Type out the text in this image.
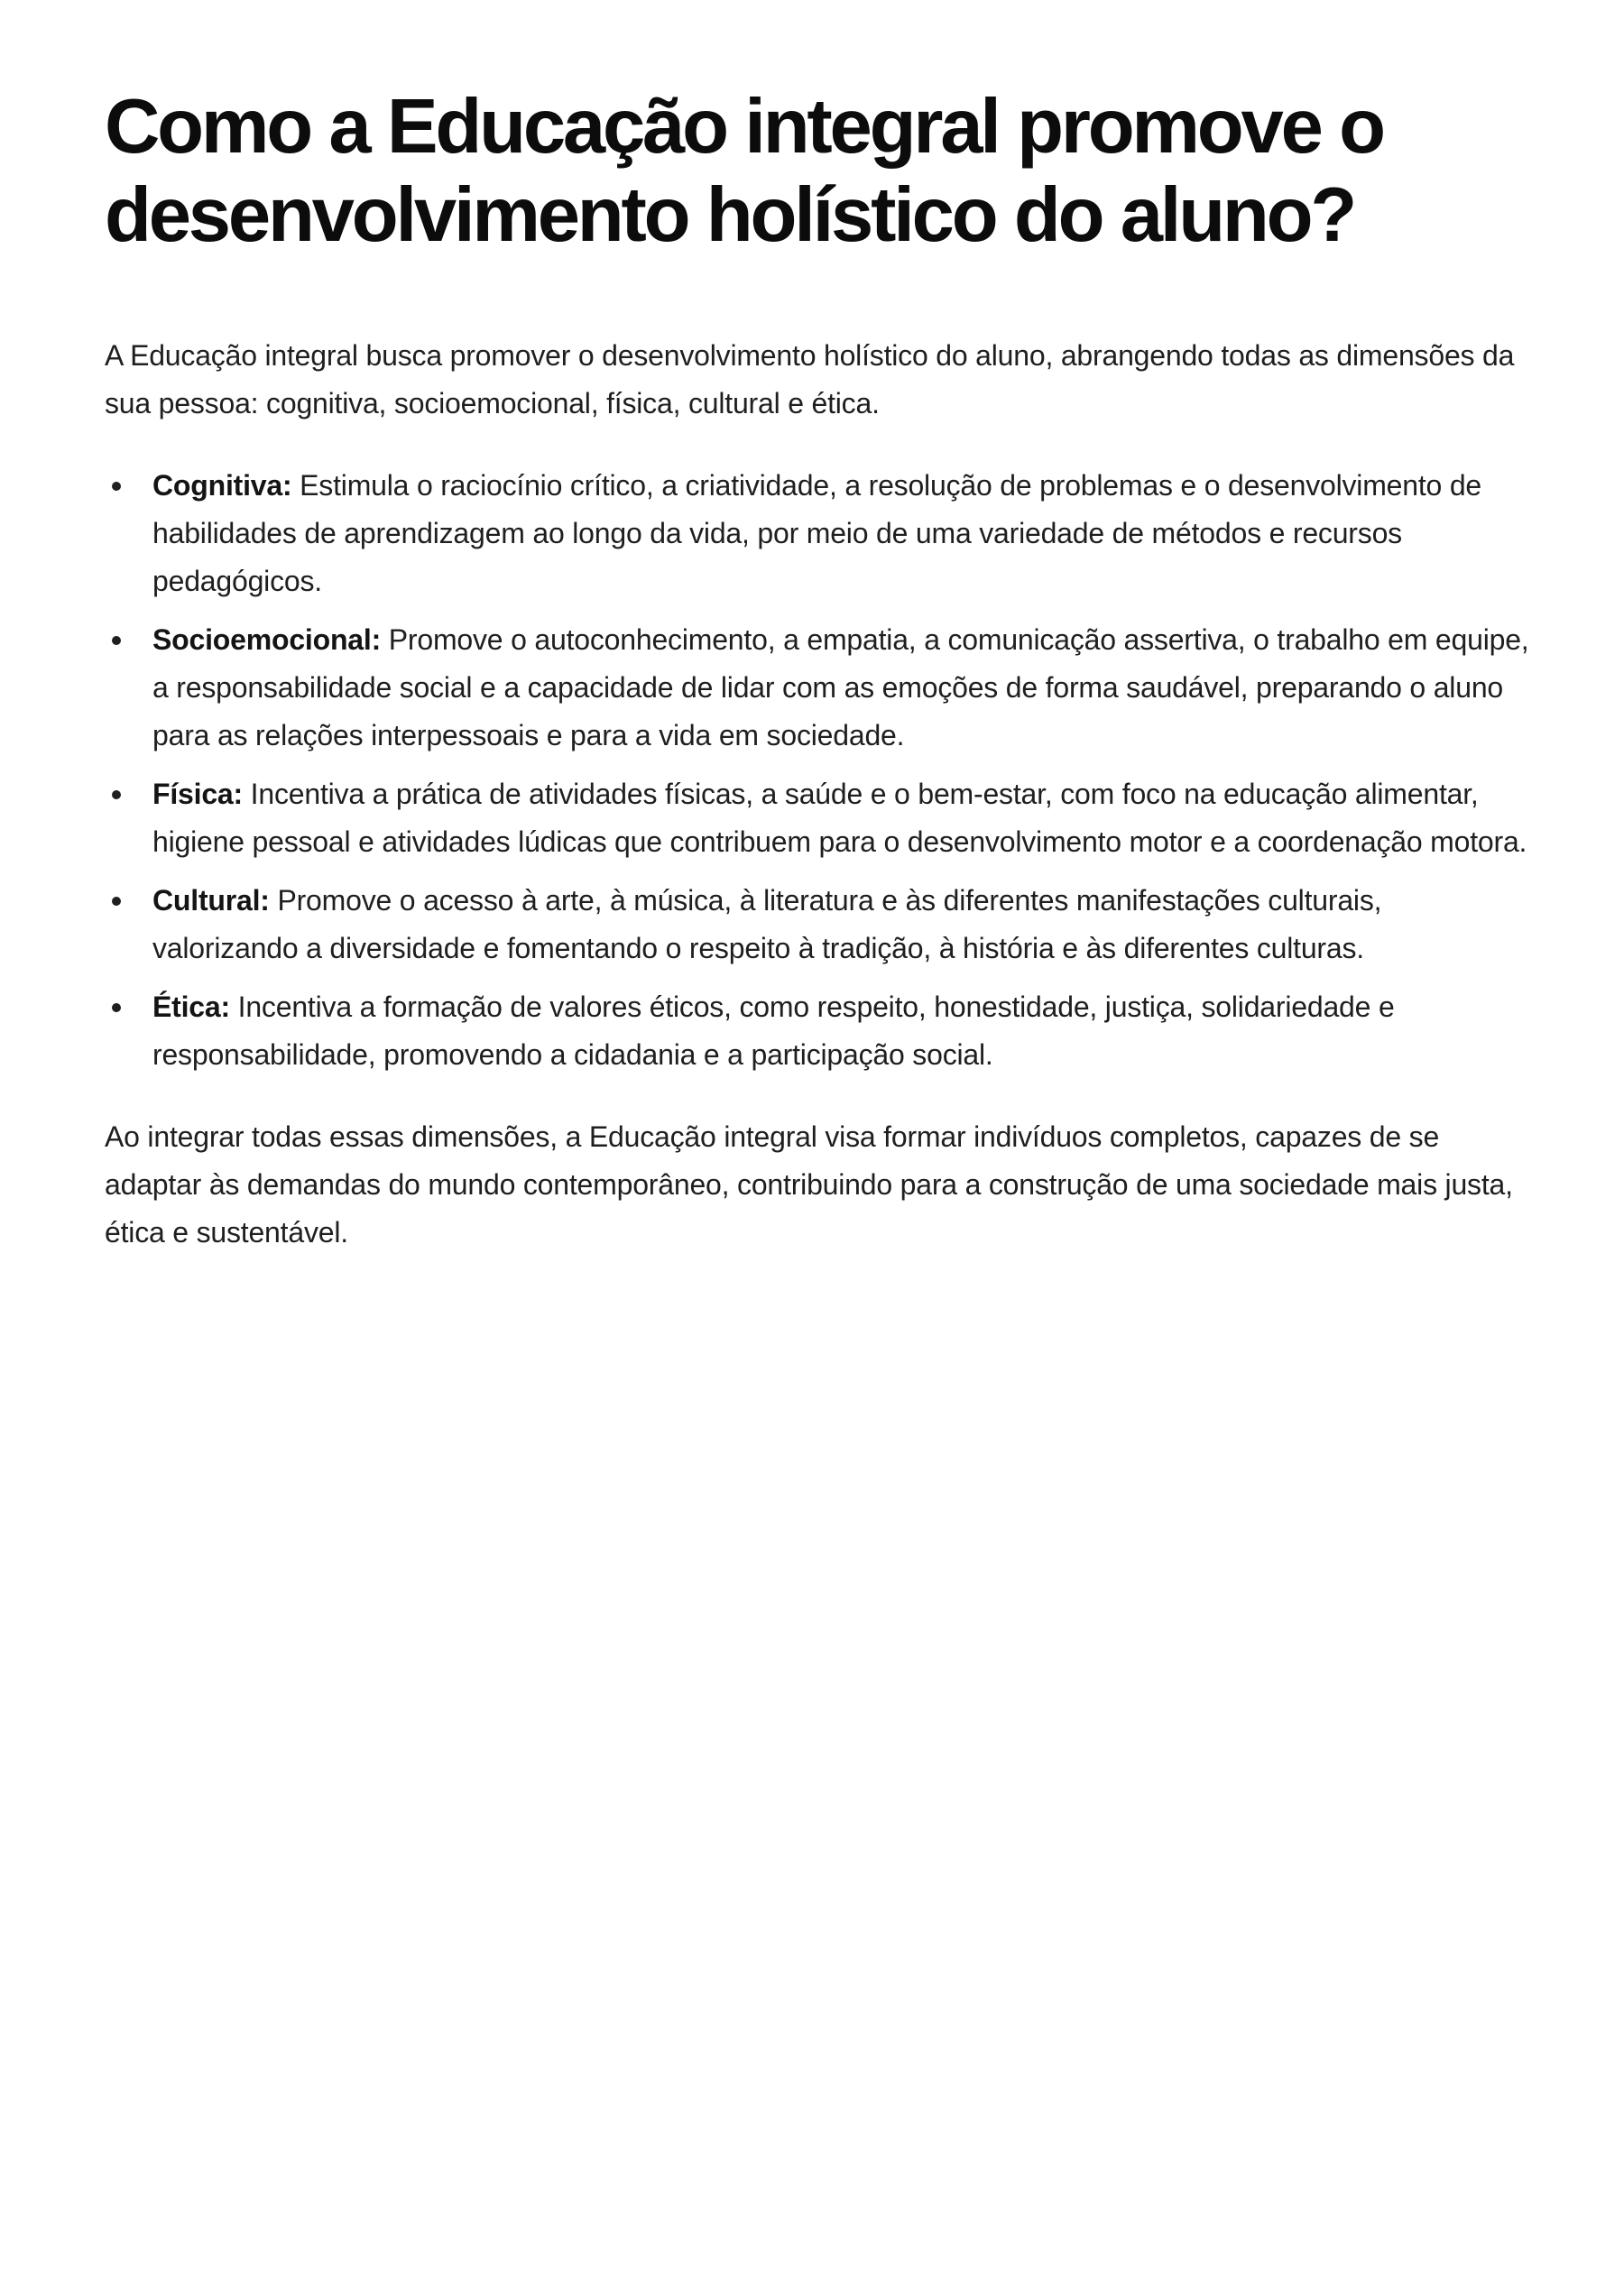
Como a Educação integral promove o desenvolvimento holístico do aluno?

A Educação integral busca promover o desenvolvimento holístico do aluno, abrangendo todas as dimensões da sua pessoa: cognitiva, socioemocional, física, cultural e ética.

Cognitiva: Estimula o raciocínio crítico, a criatividade, a resolução de problemas e o desenvolvimento de habilidades de aprendizagem ao longo da vida, por meio de uma variedade de métodos e recursos pedagógicos.
Socioemocional: Promove o autoconhecimento, a empatia, a comunicação assertiva, o trabalho em equipe, a responsabilidade social e a capacidade de lidar com as emoções de forma saudável, preparando o aluno para as relações interpessoais e para a vida em sociedade.
Física: Incentiva a prática de atividades físicas, a saúde e o bem-estar, com foco na educação alimentar, higiene pessoal e atividades lúdicas que contribuem para o desenvolvimento motor e a coordenação motora.
Cultural: Promove o acesso à arte, à música, à literatura e às diferentes manifestações culturais, valorizando a diversidade e fomentando o respeito à tradição, à história e às diferentes culturas.
Ética: Incentiva a formação de valores éticos, como respeito, honestidade, justiça, solidariedade e responsabilidade, promovendo a cidadania e a participação social.

Ao integrar todas essas dimensões, a Educação integral visa formar indivíduos completos, capazes de se adaptar às demandas do mundo contemporâneo, contribuindo para a construção de uma sociedade mais justa, ética e sustentável.
